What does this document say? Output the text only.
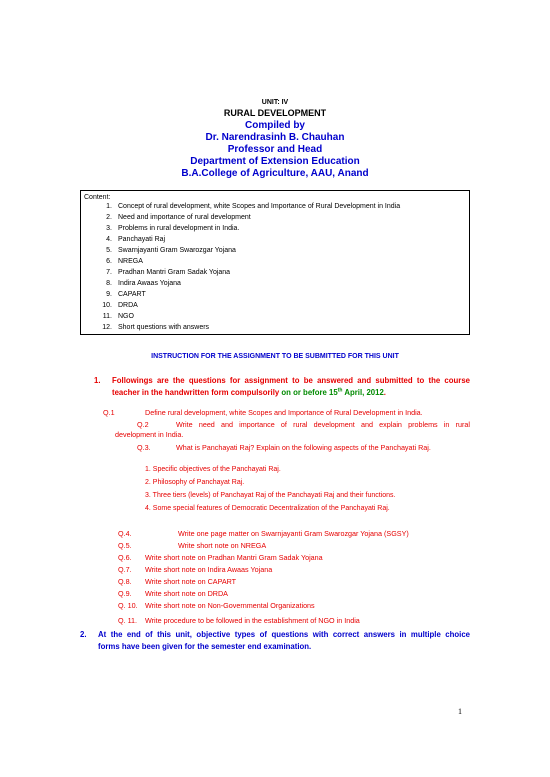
UNIT: IV
RURAL DEVELOPMENT
Compiled by
Dr. Narendrasinh B. Chauhan
Professor and Head
Department of Extension Education
B.A.College of Agriculture, AAU, Anand
Content:
1. Concept of rural development, white Scopes and Importance of Rural Development in India
2. Need and importance of rural development
3. Problems in rural development in India.
4. Panchayati Raj
5. Swarnjayanti Gram Swarozgar Yojana
6. NREGA
7. Pradhan Mantri Gram Sadak Yojana
8. Indira Awaas Yojana
9. CAPART
10. DRDA
11. NGO
12. Short questions with answers
INSTRUCTION FOR THE ASSIGNMENT TO BE SUBMITTED FOR THIS UNIT
1. Followings are the questions for assignment to be answered and submitted to the course
teacher in the handwritten form compulsorily on or before 15th April, 2012.
Q.1	Define rural development, white Scopes and Importance of Rural Development in India.
Q.2	Write need and importance of rural development and explain problems in rural
development in India.
Q.3.	What is Panchayati Raj? Explain on the following aspects of the Panchayati Raj.
1. Specific objectives of the Panchayati Raj.
2. Philosophy of Panchayat Raj.
3. Three tiers (levels) of Panchayat Raj of the Panchayati Raj and their functions.
4. Some special features of Democratic Decentralization of the Panchayati Raj.
Q.4.	Write one page matter on Swarnjayanti Gram Swarozgar Yojana (SGSY)
Q.5.	Write short note on NREGA
Q.6. Write short note on Pradhan Mantri Gram Sadak Yojana
Q.7. Write short note on Indira Awaas Yojana
Q.8. Write short note on CAPART
Q.9. Write short note on DRDA
Q. 10. Write short note on Non-Governmental Organizations
Q. 11. Write procedure to be followed in the establishment of NGO in India
2. At the end of this unit, objective types of questions with correct answers in multiple choice
forms have been given for the semester end examination.
1
